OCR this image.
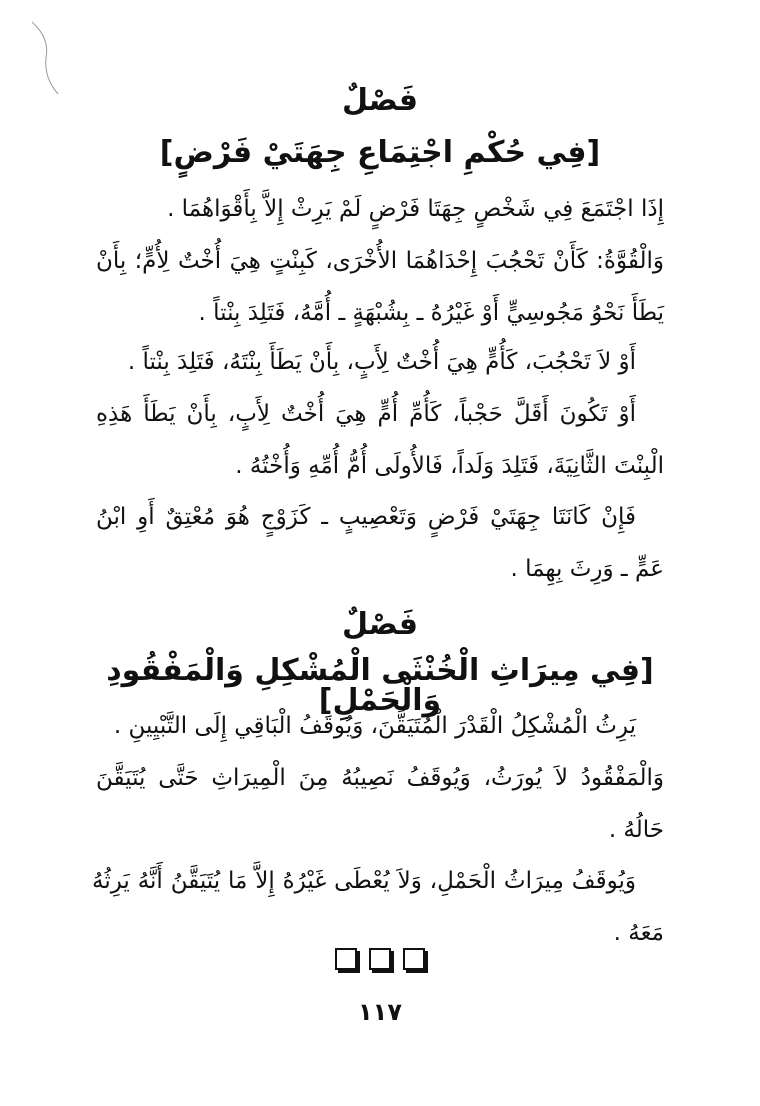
فَصْلٌ
[فِي حُكْمِ اجْتِمَاعِ جِهَتَيْ فَرْضٍ]

إِذَا اجْتَمَعَ فِي شَخْصٍ جِهَتَا فَرْضٍ لَمْ يَرِثْ إِلاَّ بِأَقْوَاهُمَا .

وَالْقُوَّةُ: كَأَنْ تَحْجُبَ إِحْدَاهُمَا الأُخْرَى، كَبِنْتٍ هِيَ أُخْتٌ لِأُمٍّ؛ بِأَنْ يَطَأَ نَحْوُ مَجُوسِيٍّ أَوْ غَيْرُهُ ـ بِشُبْهَةٍ ـ أُمَّهُ، فَتَلِدَ بِنْتاً .

أَوْ لاَ تَحْجُبَ، كَأُمٍّ هِيَ أُخْتٌ لِأَبٍ، بِأَنْ يَطَأَ بِنْتَهُ، فَتَلِدَ بِنْتاً .

أَوْ تَكُونَ أَقَلَّ حَجْباً، كَأُمِّ أُمٍّ هِيَ أُخْتٌ لِأَبٍ، بِأَنْ يَطَأَ هَذِهِ الْبِنْتَ الثَّانِيَةَ، فَتَلِدَ وَلَداً، فَالأُولَى أُمُّ أُمِّهِ وَأُخْتُهُ .

فَإِنْ كَانَتَا جِهَتَيْ فَرْضٍ وَتَعْصِيبٍ ـ كَزَوْجٍ هُوَ مُعْتِقٌ أَوِ ابْنُ عَمٍّ ـ وَرِثَ بِهِمَا .

فَصْلٌ
[فِي مِيرَاثِ الْخُنْثَى الْمُشْكِلِ وَالْمَفْقُودِ وَالْحَمْلِ]

يَرِثُ الْمُشْكِلُ الْقَدْرَ الْمُتَيَقَّنَ، وَيُوقَفُ الْبَاقِي إِلَى التَّبْيِينِ .

وَالْمَفْقُودُ لاَ يُورَثُ، وَيُوقَفُ نَصِيبُهُ مِنَ الْمِيرَاثِ حَتَّى يُتَيَقَّنَ حَالُهُ .

وَيُوقَفُ مِيرَاثُ الْحَمْلِ، وَلاَ يُعْطَى غَيْرُهُ إِلاَّ مَا يُتَيَقَّنُ أَنَّهُ يَرِثُهُ مَعَهُ .

١١٧
